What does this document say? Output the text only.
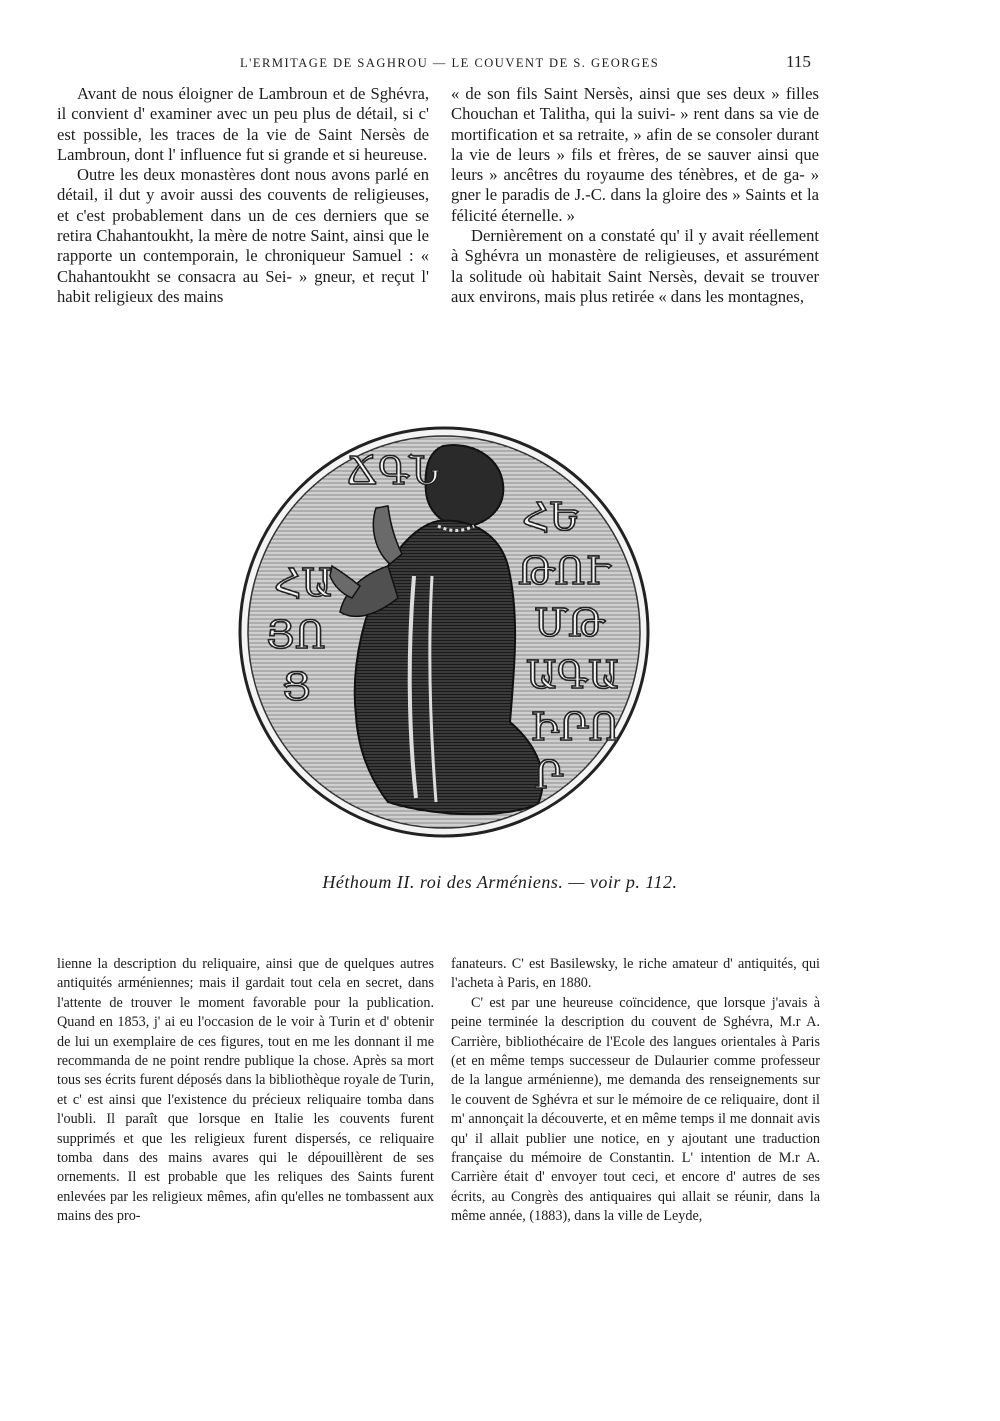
L'ERMITAGE DE SAGHROU — LE COUVENT DE S. GEORGES	115

Avant de nous éloigner de Lambroun et de Sghévra, il convient d' examiner avec un peu plus de détail, si c' est possible, les traces de la vie de Saint Nersès de Lambroun, dont l' influence fut si grande et si heureuse.

Outre les deux monastères dont nous avons parlé en détail, il dut y avoir aussi des couvents de religieuses, et c'est probablement dans un de ces derniers que se retira Chahantoukht, la mère de notre Saint, ainsi que le rapporte un contemporain, le chroniqueur Samuel : « Chahantoukht se consacra au Sei- » gneur, et reçut l' habit religieux des mains

« de son fils Saint Nersès, ainsi que ses deux » filles Chouchan et Talitha, qui la suivi- » rent dans sa vie de mortification et sa retraite, » afin de se consoler durant la vie de leurs » fils et frères, de se sauver ainsi que leurs » ancêtres du royaume des ténèbres, et de ga- » gner le paradis de J.-C. dans la gloire des » Saints et la félicité éternelle. »

Dernièrement on a constaté qu' il y avait réellement à Sghévra un monastère de religieuses, et assurément la solitude où habitait Saint Nersès, devait se trouver aux environs, mais plus retirée « dans les montagnes,

ՃԳՆ
ՀԱ
ՅՈ
Ց
ՀԵ
ԹՈՒ
ՄԹ
ԱԳԱ
ԻՐՈ
Ր
Héthoum II. roi des Arméniens. — voir p. 112.

lienne la description du reliquaire, ainsi que de quelques autres antiquités arméniennes; mais il gardait tout cela en secret, dans l'attente de trouver le moment favorable pour la publication. Quand en 1853, j' ai eu l'occasion de le voir à Turin et d' obtenir de lui un exemplaire de ces figures, tout en me les donnant il me recommanda de ne point rendre publique la chose. Après sa mort tous ses écrits furent déposés dans la bibliothèque royale de Turin, et c' est ainsi que l'existence du précieux reliquaire tomba dans l'oubli. Il paraît que lorsque en Italie les couvents furent supprimés et que les religieux furent dispersés, ce reliquaire tomba dans des mains avares qui le dépouillèrent de ses ornements. Il est probable que les reliques des Saints furent enlevées par les religieux mêmes, afin qu'elles ne tombassent aux mains des pro-

fanateurs. C' est Basilewsky, le riche amateur d' antiquités, qui l'acheta à Paris, en 1880.

C' est par une heureuse coïncidence, que lorsque j'avais à peine terminée la description du couvent de Sghévra, M.r A. Carrière, bibliothécaire de l'Ecole des langues orientales à Paris (et en même temps successeur de Dulaurier comme professeur de la langue arménienne), me demanda des renseignements sur le couvent de Sghévra et sur le mémoire de ce reliquaire, dont il m' annonçait la découverte, et en même temps il me donnait avis qu' il allait publier une notice, en y ajoutant une traduction française du mémoire de Constantin. L' intention de M.r A. Carrière était d' envoyer tout ceci, et encore d' autres de ses écrits, au Congrès des antiquaires qui allait se réunir, dans la même année, (1883), dans la ville de Leyde,
